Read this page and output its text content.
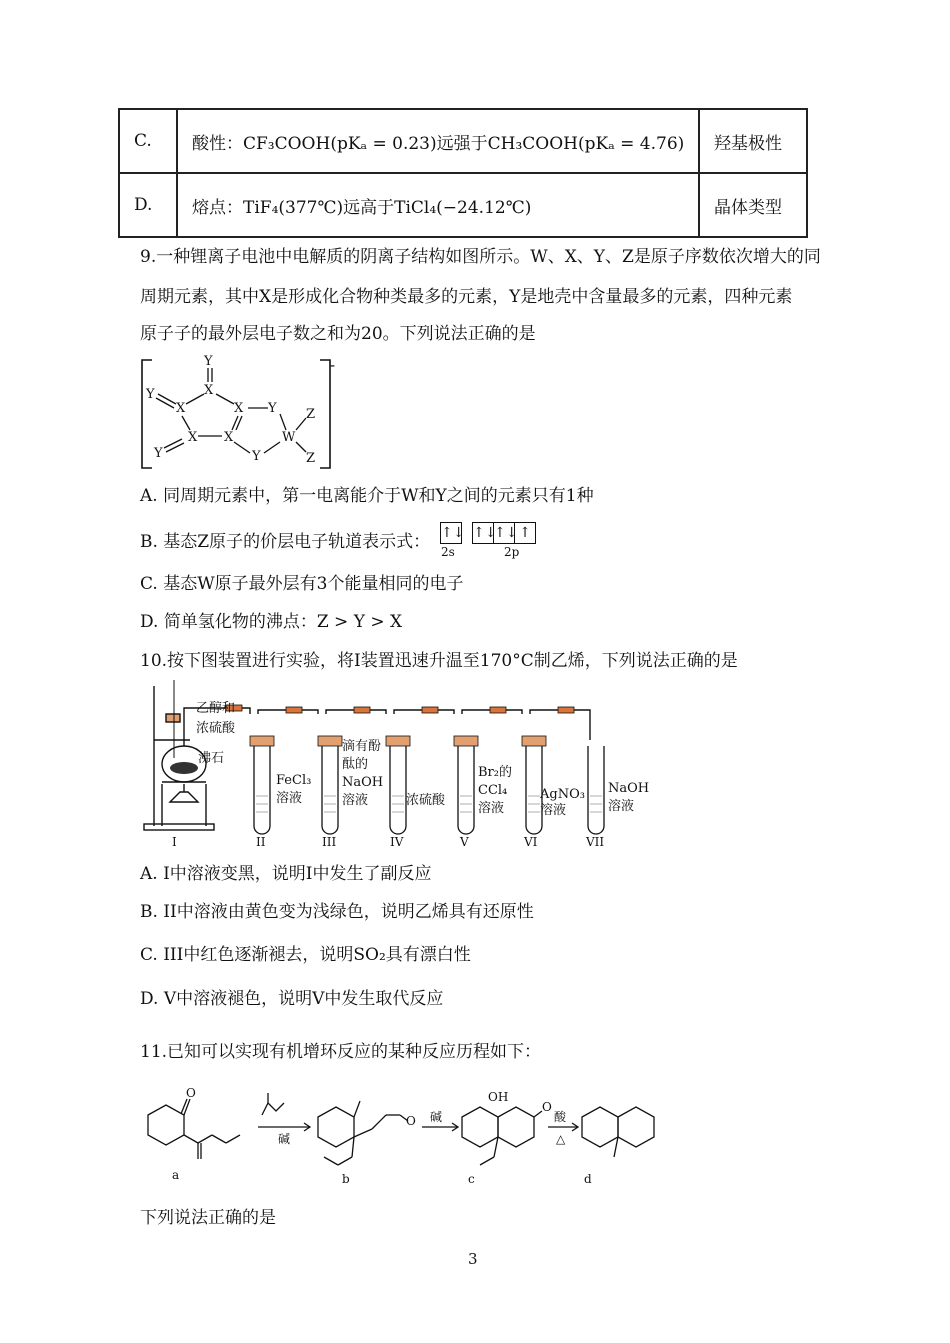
C.	酸性：CF₃COOH(pKₐ = 0.23)远强于CH₃COOH(pKₐ = 4.76)	羟基极性
D.	熔点：TiF₄(377℃)远高于TiCl₄(−24.12℃)	晶体类型
9.一种锂离子电池中电解质的阴离子结构如图所示。W、X、Y、Z是原子序数依次增大的同
周期元素，其中X是形成化合物种类最多的元素，Y是地壳中含量最多的元素，四种元素
原子子的最外层电子数之和为20。下列说法正确的是
Y
X
Y
X	X Y
X X	W
Y	Y
Z
Z
-
A. 同周期元素中，第一电离能介于W和Y之间的元素只有1种
B. 基态Z原子的价层电子轨道表示式： ↑↓ ↑↓
↑↓ ↑
2s	2p
C. 基态W原子最外层有3个能量相同的电子
D. 简单氢化物的沸点：Z > Y > X
10.按下图装置进行实验，将I装置迅速升温至170°C制乙烯，下列说法正确的是
乙醇和
浓硫酸
沸石
FeCl₃
溶液
滴有酚
酞的
NaOH
溶液	浓硫酸
Br₂的
CCl₄
溶液
AgNO₃
溶液
NaOH
溶液
I	II	III	IV	V	VI	VII
A. I中溶液变黑，说明I中发生了副反应
B. II中溶液由黄色变为浅绿色，说明乙烯具有还原性
C. III中红色逐渐褪去，说明SO₂具有漂白性
D. V中溶液褪色，说明V中发生取代反应
11.已知可以实现有机增环反应的某种反应历程如下：
O
碱
O 碱
OH
O
酸
△
a	b	c	d
下列说法正确的是
3
